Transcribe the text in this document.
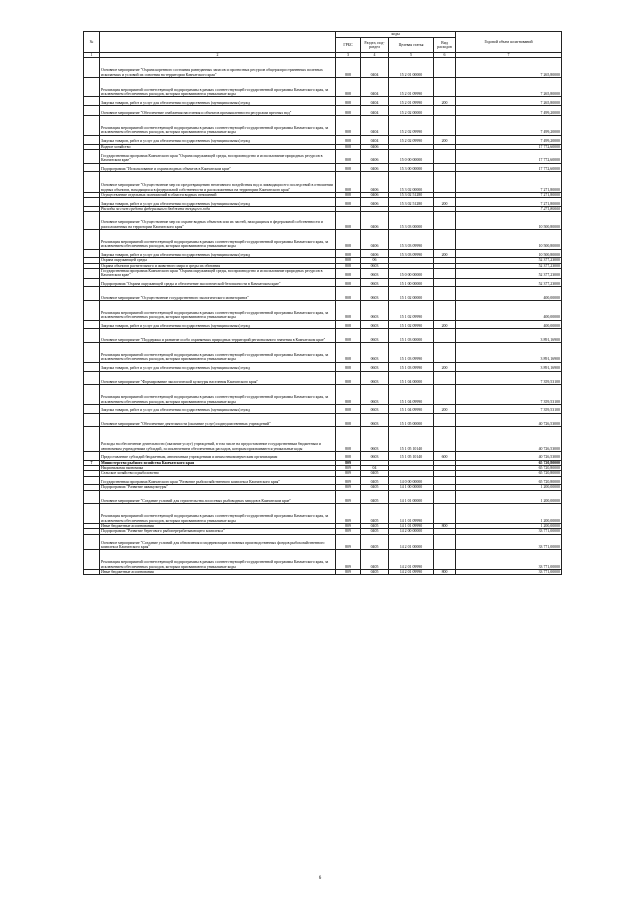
№		коды				Годовой объем ассигнований
		ГРБС	Раздел, под-раздел	Целевая статья	Вид расходов	
1	2	3	4	5	6	7
	Основное мероприятие "Охрана коренного состояния разведанных запасов и прогнозных ресурсов общераспространенных полезных ископаемых и условий их освоения на территории Камчатского края"	808	0404	15 2 01 00000		7 265,80000
	Реализация мероприятий соответствующей подпрограммы в рамках соответствующей государственной программы Камчатского края, за исключением обеспеченных расходов, которым присваиваются уникальные коды	808	0404	15 2 01 09990		7 265,80000
	Закупка товаров, работ и услуг для обеспечения государственных (муниципальных) нужд	808	0404	15 2 01 09990	200	7 265,80000
	Основное мероприятие "Обеспечение снабжения населения и объектов промышленности ресурсами пресных вод"	808	0404	15 2 02 00000		7 499,20000
	Реализация мероприятий соответствующей подпрограммы в рамках соответствующей государственной программы Камчатского края, за исключением обеспеченных расходов, которым присваиваются уникальные коды	808	0404	15 2 02 09990		7 499,20000
	Закупка товаров, работ и услуг для обеспечения государственных (муниципальных) нужд	808	0404	15 2 02 09990	200	7 499,20000
	Водное хозяйство	808	0406			17 772,60000
	Государственная программа Камчатского края "Охрана окружающей среды, воспроизводство и использование природных ресурсов в Камчатском крае"	808	0406	15 0 00 00000		17 772,60000
	Подпрограмма "Использование и охрана водных объектов в Камчатском крае"	808	0406	15 3 00 00000		17 772,60000
	Основное мероприятие "Осуществление мер по предотвращению негативного воздействия вод и ликвидации его последствий в отношении водных объектов, находящихся в федеральной собственности и расположенных на территории Камчатского края"	808	0406	15 3 02 00000		7 271,80000
	Осуществление отдельных полномочий в области водных отношений	808	0406	15 3 02 51280		7 271,80000
	Закупка товаров, работ и услуг для обеспечения государственных (муниципальных) нужд	808	0406	15 3 02 51280	200	7 271,80000
	Расходы за счет средств федерального бюджета текущего года					7 271,80000
	Основное мероприятие "Осуществление мер по охране водных объектов или их частей, находящихся в федеральной собственности и расположенных на территории Камчатского края"	808	0406	15 3 03 00000		10 500,80000
	Реализация мероприятий соответствующей подпрограммы в рамках соответствующей государственной программы Камчатского края, за исключением обеспеченных расходов, которым присваиваются уникальные коды	808	0406	15 3 03 09990		10 500,80000
	Закупка товаров, работ и услуг для обеспечения государственных (муниципальных) нужд	808	0406	15 3 03 09990	200	10 500,80000
	Охрана окружающей среды	808	06			52 377,23000
	Охрана объектов растительного и животного мира и среды их обитания	808	0603			52 377,23000
	Государственная программа Камчатского края "Охрана окружающей среды, воспроизводство и использование природных ресурсов в Камчатском крае"	808	0603	15 0 00 00000		52 377,23000
	Подпрограмма "Охрана окружающей среды и обеспечение экологической безопасности в Камчатском крае"	808	0603	15 1 00 00000		52 377,23000
	Основное мероприятие "Осуществление государственного экологического мониторинга"	808	0603	15 1 02 00000		400,00000
	Реализация мероприятий соответствующей подпрограммы в рамках соответствующей государственной программы Камчатского края, за исключением обеспеченных расходов, которым присваиваются уникальные коды	808	0603	15 1 02 09990		400,00000
	Закупка товаров, работ и услуг для обеспечения государственных (муниципальных) нужд	808	0603	15 1 02 09990	200	400,00000
	Основное мероприятие "Поддержка и развитие особо охраняемых природных территорий регионального значения в Камчатском крае"	808	0603	15 1 03 00000		3 891,16900
	Реализация мероприятий соответствующей подпрограммы в рамках соответствующей государственной программы Камчатского края, за исключением обеспеченных расходов, которым присваиваются уникальные коды	808	0603	15 1 03 09990		3 891,16900
	Закупка товаров, работ и услуг для обеспечения государственных (муниципальных) нужд	808	0603	15 1 03 09990	200	3 891,16900
	Основное мероприятие "Формирование экологической культуры населения Камчатского края"	808	0603	15 1 04 00000		7 359,53100
	Реализация мероприятий соответствующей подпрограммы в рамках соответствующей государственной программы Камчатского края, за исключением обеспеченных расходов, которым присваиваются уникальные коды	808	0603	15 1 04 09990		7 359,53100
	Закупка товаров, работ и услуг для обеспечения государственных (муниципальных) нужд	808	0603	15 1 04 09990	200	7 359,53100
	Основное мероприятие "Обеспечение деятельности (оказание услуг) подведомственных учреждений"	808	0603	15 1 05 00000		40 726,53000
	Расходы на обеспечение деятельности (оказание услуг) учреждений, в том числе на предоставление государственным бюджетным и автономным учреждениям субсидий, за исключением обеспеченных расходов, которым присваиваются уникальные коды	808	0603	15 1 05 10140		40 726,53000
	Предоставление субсидий бюджетным, автономным учреждениям и иным некоммерческим организациям	808	0603	15 1 05 10140	600	40 726,53000
7	Министерство рыбного хозяйства Камчатского края	809				65 720,80000
	Национальная экономика	809	04			65 720,80000
	Сельское хозяйство и рыболовство	809	0405			65 720,80000
	Государственная программа Камчатского края "Развитие рыбохозяйственного комплекса Камчатского края"	809	0405	14 0 00 00000		65 720,80000
	Подпрограмма "Развитие аквакультуры"	809	0405	14 1 00 00000		1 200,00000
	Основное мероприятие "Создание условий для строительства лососевых рыбоводных заводов в Камчатском крае"	809	0405	14 1 01 00000		1 200,00000
	Реализация мероприятий соответствующей подпрограммы в рамках соответствующей государственной программы Камчатского края, за исключением обеспеченных расходов, которым присваиваются уникальные коды	809	0405	14 1 01 09990		1 200,00000
	Иные бюджетные ассигнования	809	0405	14 1 01 09990	800	1 200,00000
	Подпрограмма "Развитие берегового рыбоперерабатывающего комплекса"	809	0405	14 2 00 00000		33 771,00000
	Основное мероприятие "Создание условий для обновления и модернизации основных производственных фондов рыбохозяйственного комплекса Камчатского края"	809	0405	14 2 01 00000		33 771,00000
	Реализация мероприятий соответствующей подпрограммы в рамках соответствующей государственной программы Камчатского края, за исключением обеспеченных расходов, которым присваиваются уникальные коды	809	0405	14 2 01 09990		33 771,00000
	Иные бюджетные ассигнования	809	0405	14 2 01 09990	800	33 771,00000
6
